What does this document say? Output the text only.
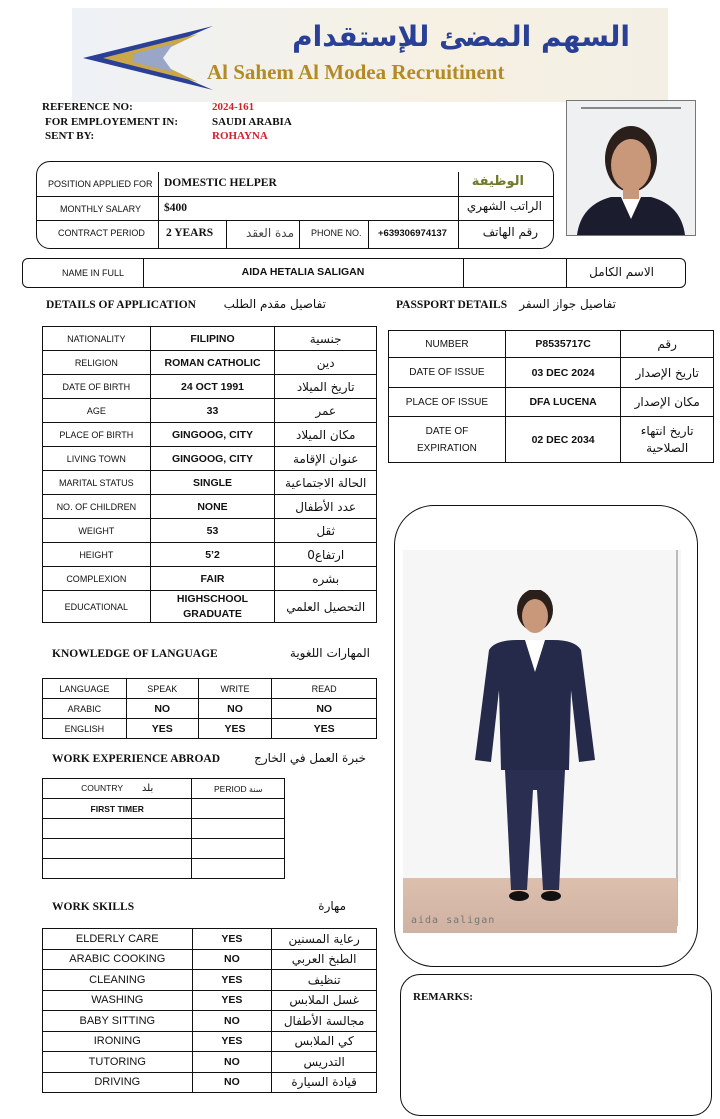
السهم المضئ للإستقدام
Al Sahem Al Modea Recruitinent
REFERENCE NO:	2024-161
FOR EMPLOYEMENT IN:	SAUDI ARABIA
SENT BY:	ROHAYNA
POSITION APPLIED FOR DOMESTIC HELPER	الوظيفة
MONTHLY SALARY $400	الراتب الشهري
CONTRACT PERIOD 2 YEARS	مدة العقد PHONE NO. +639306974137	رقم الهاتف
NAME IN FULL	AIDA HETALIA SALIGAN	الاسم الكامل
DETAILS OF APPLICATION	تفاصيل مقدم الطلب	PASSPORT DETAILS	تفاصيل جواز السفر
NATIONALITY	FILIPINO	جنسية
RELIGION	ROMAN CATHOLIC	دين
DATE OF BIRTH	24 OCT 1991	تاريخ الميلاد
AGE	33	عمر
PLACE OF BIRTH	GINGOOG, CITY	مكان الميلاد
LIVING TOWN	GINGOOG, CITY	عنوان الإقامة
MARITAL STATUS	SINGLE	الحالة الاجتماعية
NO. OF CHILDREN	NONE	عدد الأطفال
WEIGHT	53	ثقل
HEIGHT	5’2	ارتفاع0
COMPLEXION	FAIR	بشره
EDUCATIONAL	HIGHSCHOOL GRADUATE	التحصيل العلمي
NUMBER	P8535717C	رقم
DATE OF ISSUE	03 DEC 2024	تاريخ الإصدار
PLACE OF ISSUE	DFA LUCENA	مكان الإصدار
DATE OF EXPIRATION	02 DEC 2034	تاريخ انتهاء الصلاحية
KNOWLEDGE OF LANGUAGE	المهارات اللغوية
LANGUAGE	SPEAK	WRITE	READ
ARABIC	NO	NO	NO
ENGLISH	YES	YES	YES
WORK EXPERIENCE ABROAD	خبرة العمل في الخارج
COUNTRY بلد	PERIOD سنة
FIRST TIMER	

WORK SKILLS	مهارة
ELDERLY CARE	YES	رعاية المسنين
ARABIC COOKING	NO	الطبخ العربي
CLEANING	YES	تنظيف
WASHING	YES	غسل الملابس
BABY SITTING	NO	مجالسة الأطفال
IRONING	YES	كي الملابس
TUTORING	NO	التدريس
DRIVING	NO	قيادة السيارة
aida saligan
REMARKS:
